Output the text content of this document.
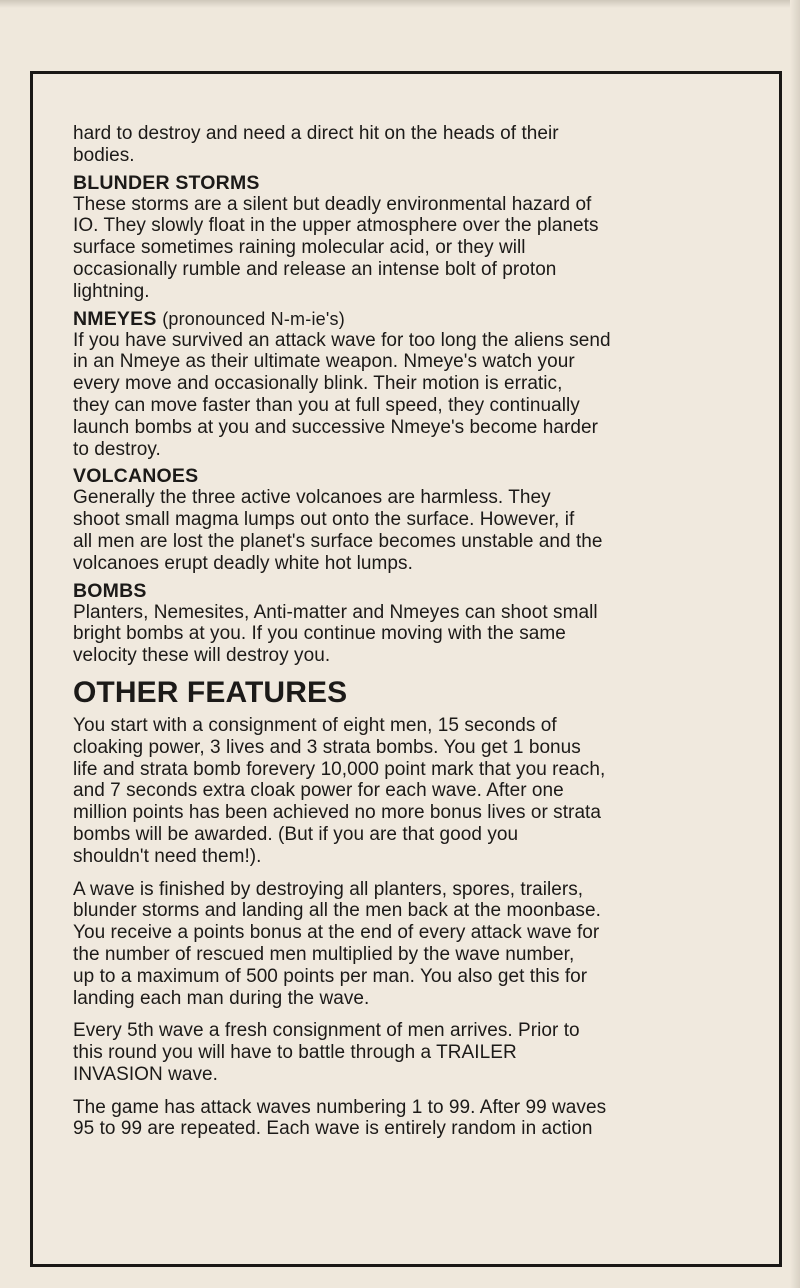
hard to destroy and need a direct hit on the heads of their

bodies.

BLUNDER STORMS

These storms are a silent but deadly environmental hazard of

IO. They slowly float in the upper atmosphere over the planets

surface sometimes raining molecular acid, or they will

occasionally rumble and release an intense bolt of proton

lightning.

NMEYES (pronounced N-m-ie's)

If you have survived an attack wave for too long the aliens send

in an Nmeye as their ultimate weapon. Nmeye's watch your

every move and occasionally blink. Their motion is erratic,

they can move faster than you at full speed, they continually

launch bombs at you and successive Nmeye's become harder

to destroy.

VOLCANOES

Generally the three active volcanoes are harmless. They

shoot small magma lumps out onto the surface. However, if

all men are lost the planet's surface becomes unstable and the

volcanoes erupt deadly white hot lumps.

BOMBS

Planters, Nemesites, Anti-matter and Nmeyes can shoot small

bright bombs at you. If you continue moving with the same

velocity these will destroy you.

OTHER FEATURES

You start with a consignment of eight men, 15 seconds of

cloaking power, 3 lives and 3 strata bombs. You get 1 bonus

life and strata bomb forevery 10,000 point mark that you reach,

and 7 seconds extra cloak power for each wave. After one

million points has been achieved no more bonus lives or strata

bombs will be awarded. (But if you are that good you

shouldn't need them!).

A wave is finished by destroying all planters, spores, trailers,

blunder storms and landing all the men back at the moonbase.

You receive a points bonus at the end of every attack wave for

the number of rescued men multiplied by the wave number,

up to a maximum of 500 points per man. You also get this for

landing each man during the wave.

Every 5th wave a fresh consignment of men arrives. Prior to

this round you will have to battle through a TRAILER

INVASION wave.

The game has attack waves numbering 1 to 99. After 99 waves

95 to 99 are repeated. Each wave is entirely random in action
